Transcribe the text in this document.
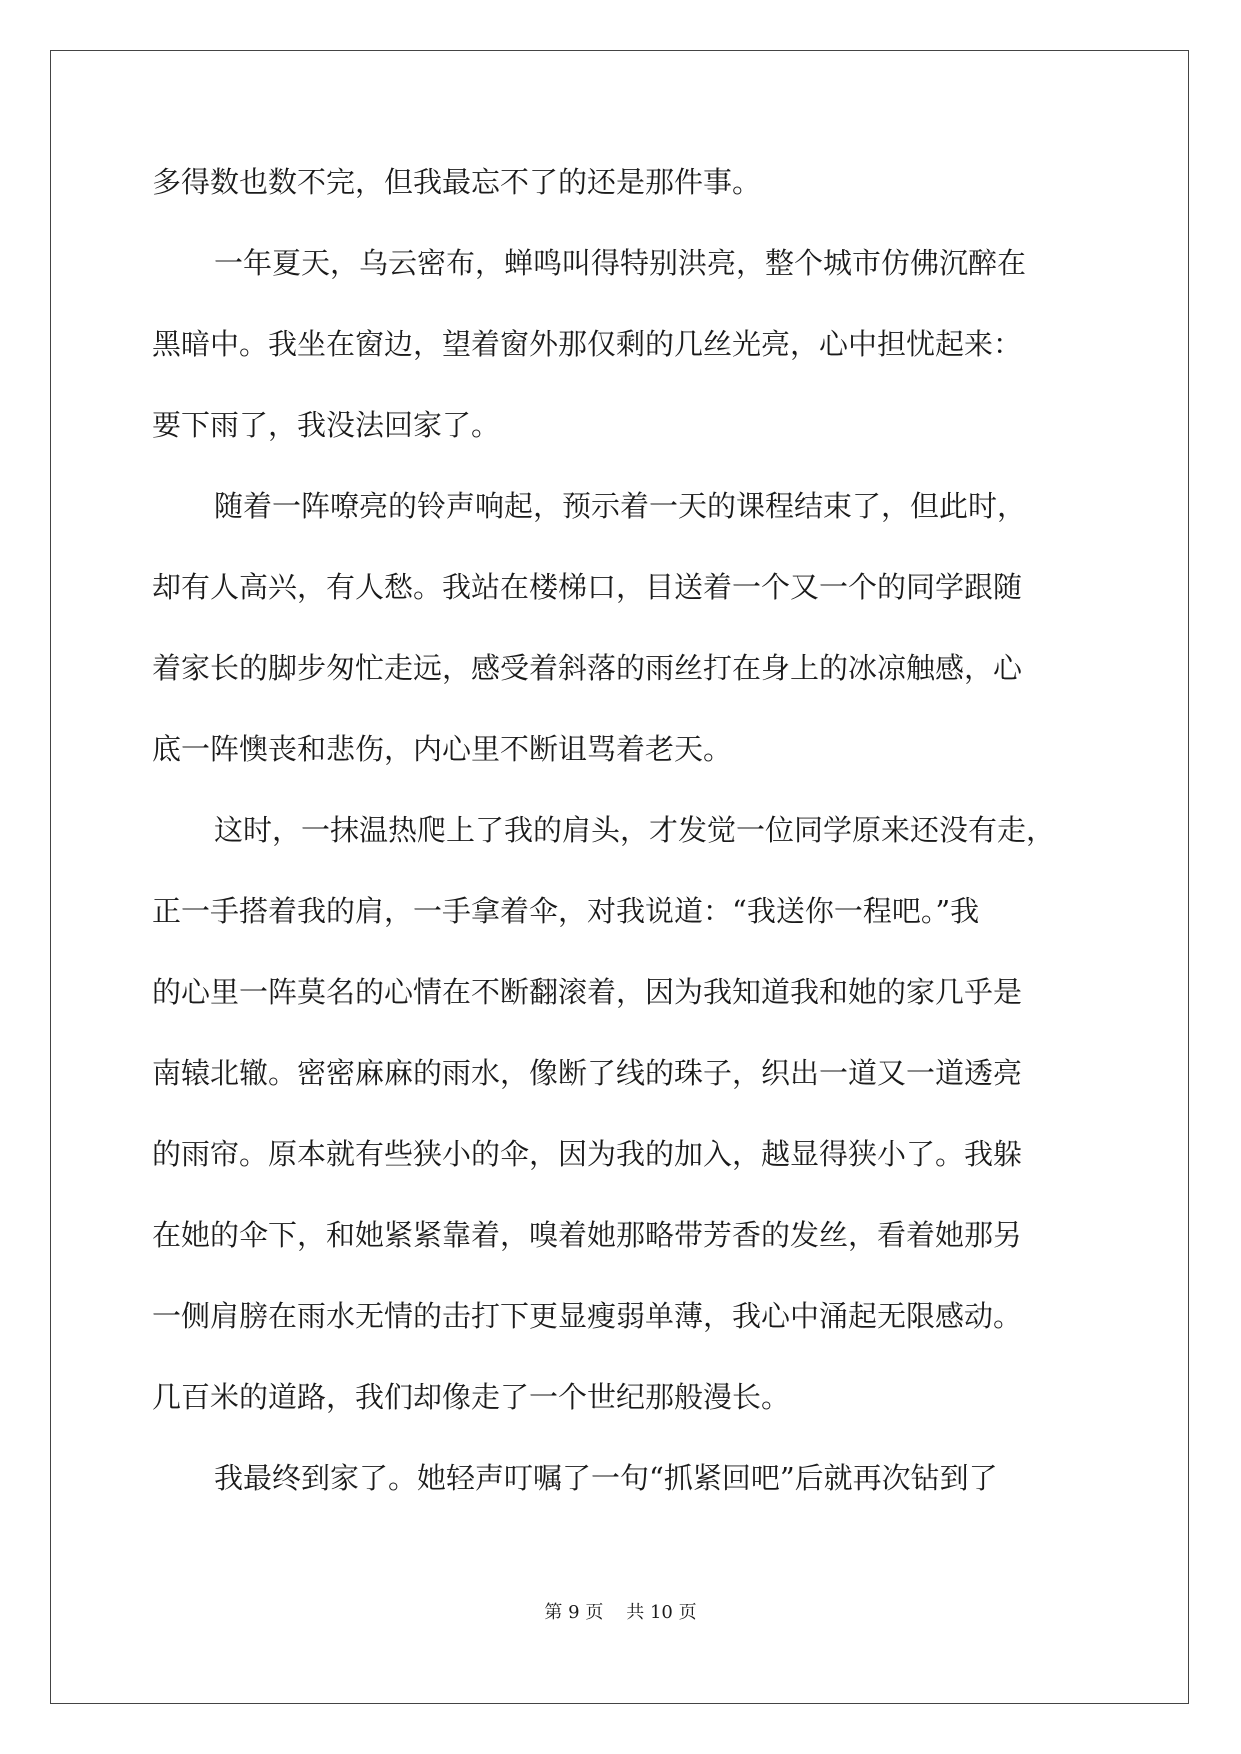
多得数也数不完，但我最忘不了的还是那件事。
一年夏天，乌云密布，蝉鸣叫得特别洪亮，整个城市仿佛沉醉在
黑暗中。我坐在窗边，望着窗外那仅剩的几丝光亮，心中担忧起来：
要下雨了，我没法回家了。
随着一阵嘹亮的铃声响起，预示着一天的课程结束了，但此时，
却有人高兴，有人愁。我站在楼梯口，目送着一个又一个的同学跟随
着家长的脚步匆忙走远，感受着斜落的雨丝打在身上的冰凉触感，心
底一阵懊丧和悲伤，内心里不断诅骂着老天。
这时，一抹温热爬上了我的肩头，才发觉一位同学原来还没有走，
正一手搭着我的肩，一手拿着伞，对我说道：“我送你一程吧。”我
的心里一阵莫名的心情在不断翻滚着，因为我知道我和她的家几乎是
南辕北辙。密密麻麻的雨水，像断了线的珠子，织出一道又一道透亮
的雨帘。原本就有些狭小的伞，因为我的加入，越显得狭小了。我躲
在她的伞下，和她紧紧靠着，嗅着她那略带芳香的发丝，看着她那另
一侧肩膀在雨水无情的击打下更显瘦弱单薄，我心中涌起无限感动。
几百米的道路，我们却像走了一个世纪那般漫长。
我最终到家了。她轻声叮嘱了一句“抓紧回吧”后就再次钻到了
第 9 页 共 10 页
